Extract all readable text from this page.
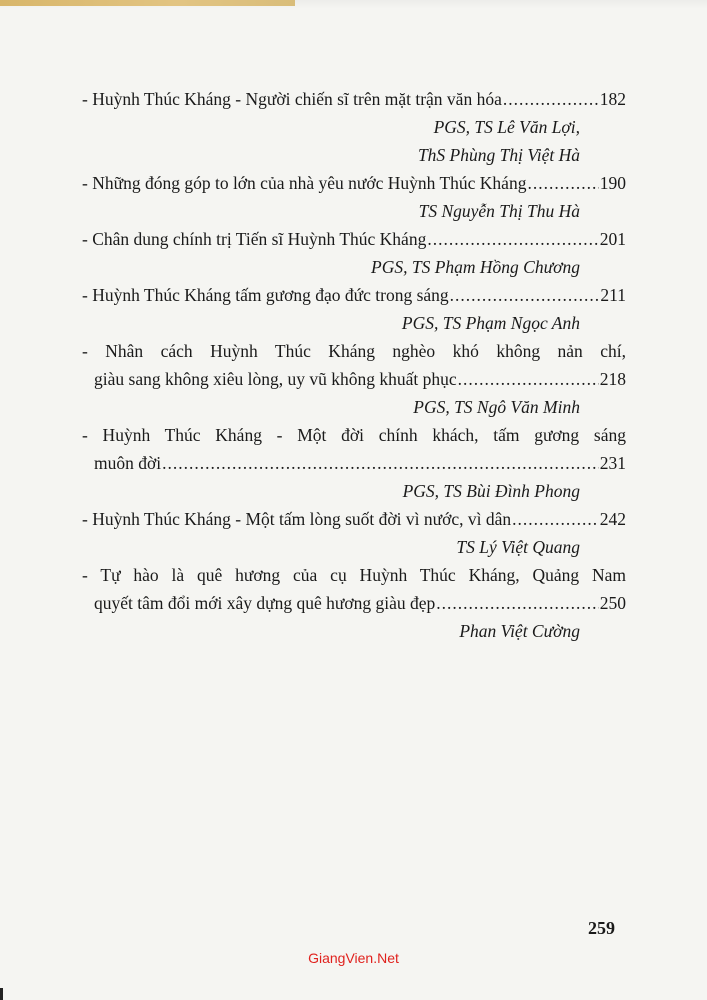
- Huỳnh Thúc Kháng - Người chiến sĩ trên mặt trận văn hóa .....	182
PGS, TS Lê Văn Lợi,
ThS Phùng Thị Việt Hà
- Những đóng góp to lớn của nhà yêu nước Huỳnh Thúc Kháng .....	190
TS Nguyễn Thị Thu Hà
- Chân dung chính trị Tiến sĩ Huỳnh Thúc Kháng .....	201
PGS, TS Phạm Hồng Chương
- Huỳnh Thúc Kháng tấm gương đạo đức trong sáng .....	211
PGS, TS Phạm Ngọc Anh
- Nhân cách Huỳnh Thúc Kháng nghèo khó không nản chí,
giàu sang không xiêu lòng, uy vũ không khuất phục .....	218
PGS, TS Ngô Văn Minh
- Huỳnh Thúc Kháng - Một đời chính khách, tấm gương sáng
muôn đời .....	231
PGS, TS Bùi Đình Phong
- Huỳnh Thúc Kháng - Một tấm lòng suốt đời vì nước, vì dân .....	242
TS Lý Việt Quang
- Tự hào là quê hương của cụ Huỳnh Thúc Kháng, Quảng Nam
quyết tâm đổi mới xây dựng quê hương giàu đẹp .....	250
Phan Việt Cường
259
GiangVien.Net
